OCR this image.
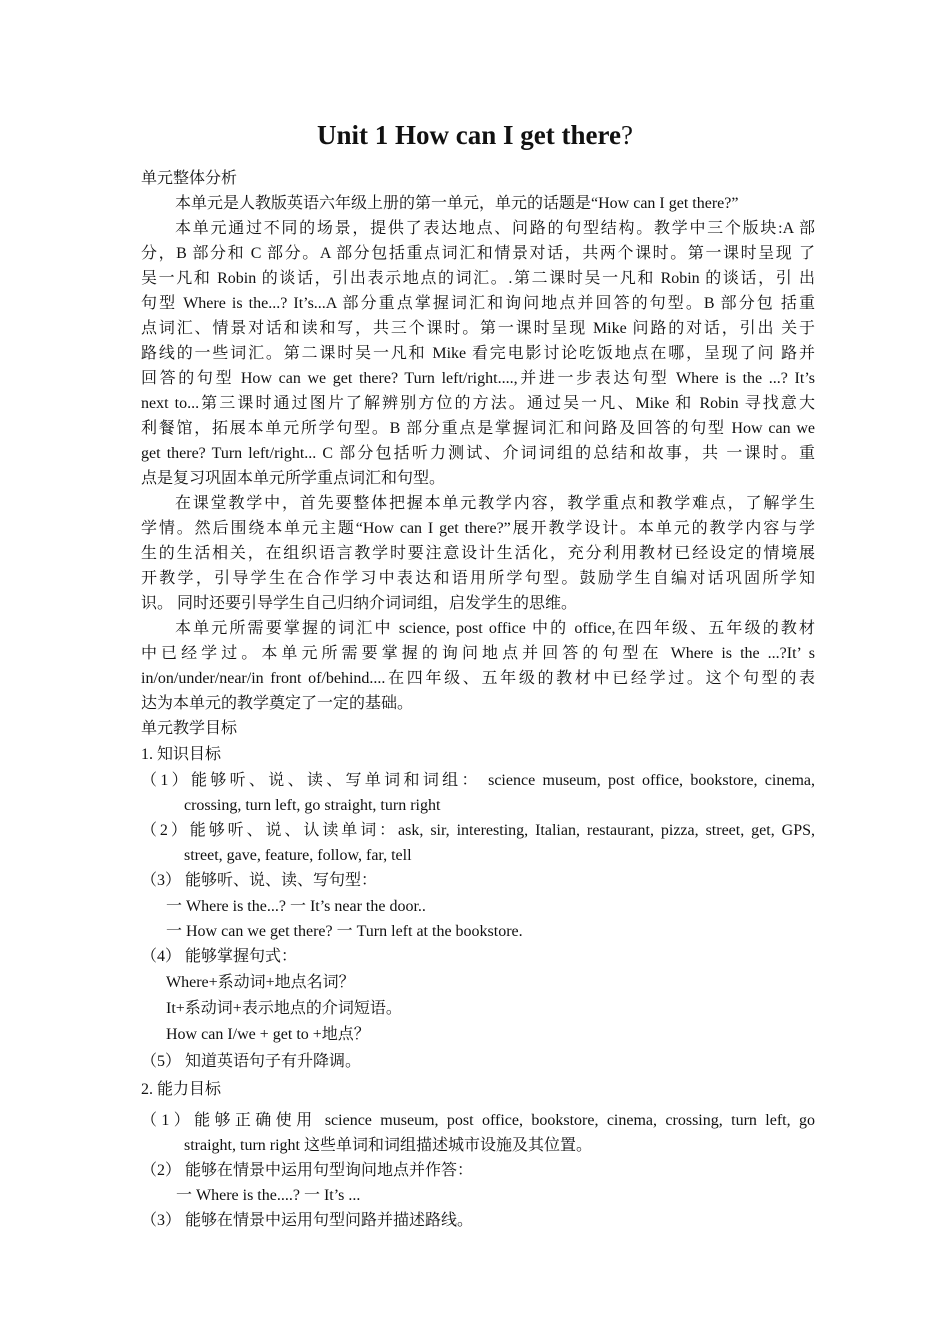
Unit 1 How can I get there?
单元整体分析
本单元是人教版英语六年级上册的第一单元，单元的话题是“How can I get there?”
本单元通过不同的场景，提供了表达地点、问路的句型结构。教学中三个版块:A 部
分，B 部分和 C 部分。A 部分包括重点词汇和情景对话，共两个课时。第一课时呈现 了
吴一凡和 Robin 的谈话，引出表示地点的词汇。.第二课时吴一凡和 Robin 的谈话，引 出
句型 Where is the...? It’s...A 部分重点掌握词汇和询问地点并回答的句型。B 部分包 括重
点词汇、情景对话和读和写，共三个课时。第一课时呈现 Mike 问路的对话，引出 关于
路线的一些词汇。第二课时吴一凡和 Mike 看完电影讨论吃饭地点在哪，呈现了问 路并
回答的句型 How can we get there? Turn left/right....,并进一步表达句型 Where is the ...? It’s
next to...第三课时通过图片了解辨别方位的方法。通过吴一凡、Mike 和 Robin 寻找意大
利餐馆，拓展本单元所学句型。B 部分重点是掌握词汇和问路及回答的句型 How can we
get there? Turn left/right... C 部分包括听力测试、介词词组的总结和故事，共 一课时。重
点是复习巩固本单元所学重点词汇和句型。
在课堂教学中，首先要整体把握本单元教学内容，教学重点和教学难点，了解学生
学情。然后围绕本单元主题“How can I get there?”展开教学设计。本单元的教学内容与学
生的生活相关，在组织语言教学时要注意设计生活化，充分利用教材已经设定的情境展
开教学，引导学生在合作学习中表达和语用所学句型。鼓励学生自编对话巩固所学知
识。 同时还要引导学生自己归纳介词词组，启发学生的思维。
本单元所需要掌握的词汇中 science, post office 中的 office,在四年级、五年级的教材
中已经学过。本单元所需要掌握的询问地点并回答的句型在 Where is the ...?It’ s
in/on/under/near/in front of/behind....在四年级、五年级的教材中已经学过。这个句型的表
达为本单元的教学奠定了一定的基础。
单元教学目标
1. 知识目标
（1）能够听、说、读、写单词和词组： science museum, post office, bookstore, cinema,
crossing, turn left, go straight, turn right
（2）能够听、说、认读单词：ask, sir, interesting, Italian, restaurant, pizza, street, get, GPS,
street, gave, feature, follow, far, tell
（3） 能够听、说、读、写句型：
一 Where is the...? 一 It’s near the door..
一 How can we get there? 一 Turn left at the bookstore.
（4） 能够掌握句式：
Where+系动词+地点名词？
It+系动词+表示地点的介词短语。
How can I/we + get to +地点？
（5） 知道英语句子有升降调。
2. 能力目标
（1）能够正确使用 science museum, post office, bookstore, cinema, crossing, turn left, go
straight, turn right 这些单词和词组描述城市设施及其位置。
（2） 能够在情景中运用句型询问地点并作答：
一 Where is the....? 一 It’s ...
（3） 能够在情景中运用句型问路并描述路线。
